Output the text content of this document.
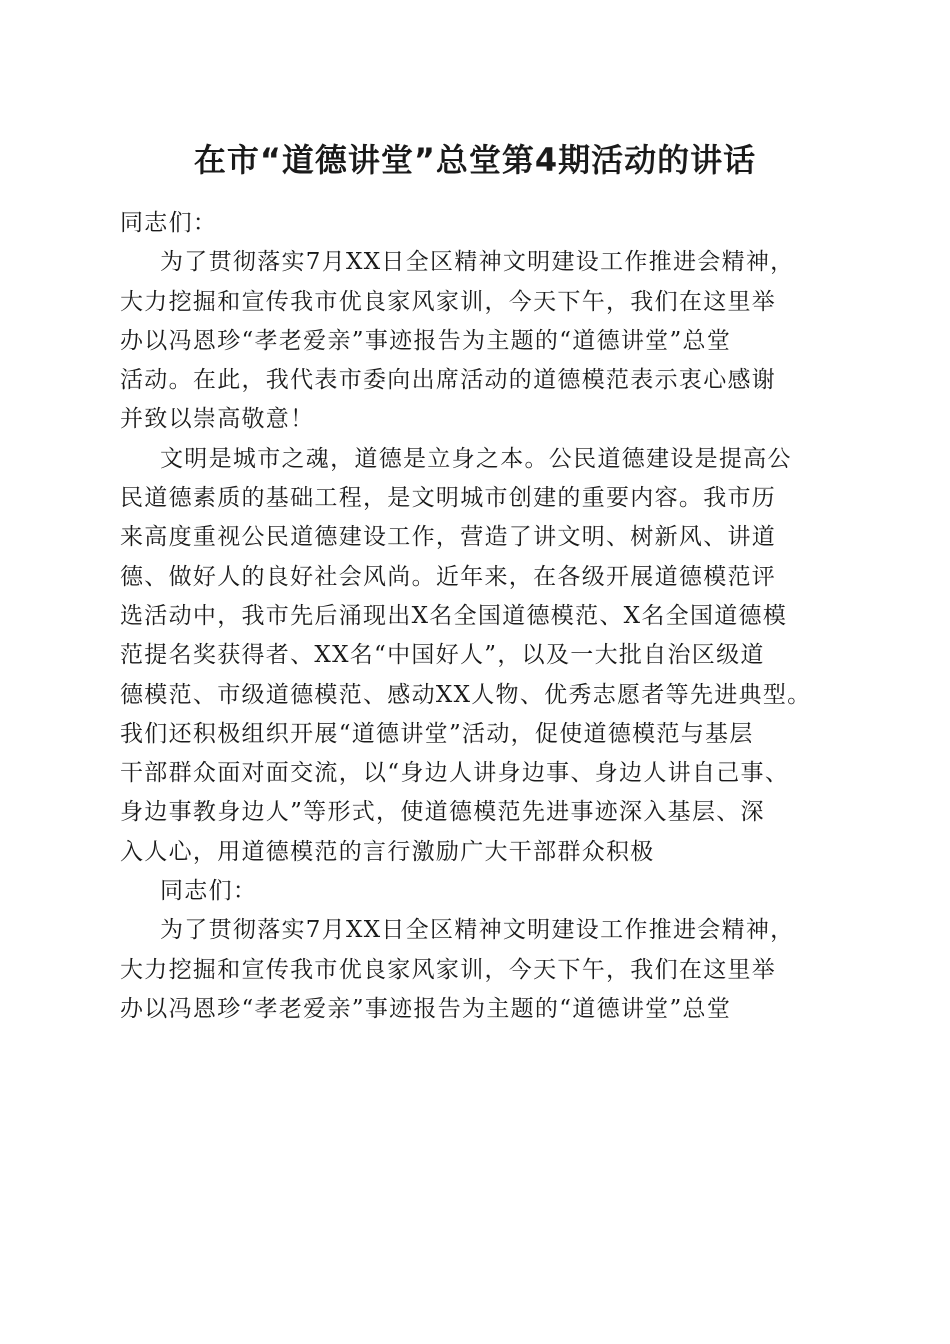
在市“道德讲堂”总堂第4期活动的讲话
同志们：
为了贯彻落实7月XX日全区精神文明建设工作推进会精神，
大力挖掘和宣传我市优良家风家训，今天下午，我们在这里举
办以冯恩珍“孝老爱亲”事迹报告为主题的“道德讲堂”总堂
活动。在此，我代表市委向出席活动的道德模范表示衷心感谢
并致以崇高敬意！
文明是城市之魂，道德是立身之本。公民道德建设是提高公
民道德素质的基础工程，是文明城市创建的重要内容。我市历
来高度重视公民道德建设工作，营造了讲文明、树新风、讲道
德、做好人的良好社会风尚。近年来，在各级开展道德模范评
选活动中，我市先后涌现出X名全国道德模范、X名全国道德模
范提名奖获得者、XX名“中国好人”，以及一大批自治区级道
德模范、市级道德模范、感动XX人物、优秀志愿者等先进典型。
我们还积极组织开展“道德讲堂”活动，促使道德模范与基层
干部群众面对面交流，以“身边人讲身边事、身边人讲自己事、
身边事教身边人”等形式，使道德模范先进事迹深入基层、深
入人心，用道德模范的言行激励广大干部群众积极
同志们：
为了贯彻落实7月XX日全区精神文明建设工作推进会精神，
大力挖掘和宣传我市优良家风家训，今天下午，我们在这里举
办以冯恩珍“孝老爱亲”事迹报告为主题的“道德讲堂”总堂
